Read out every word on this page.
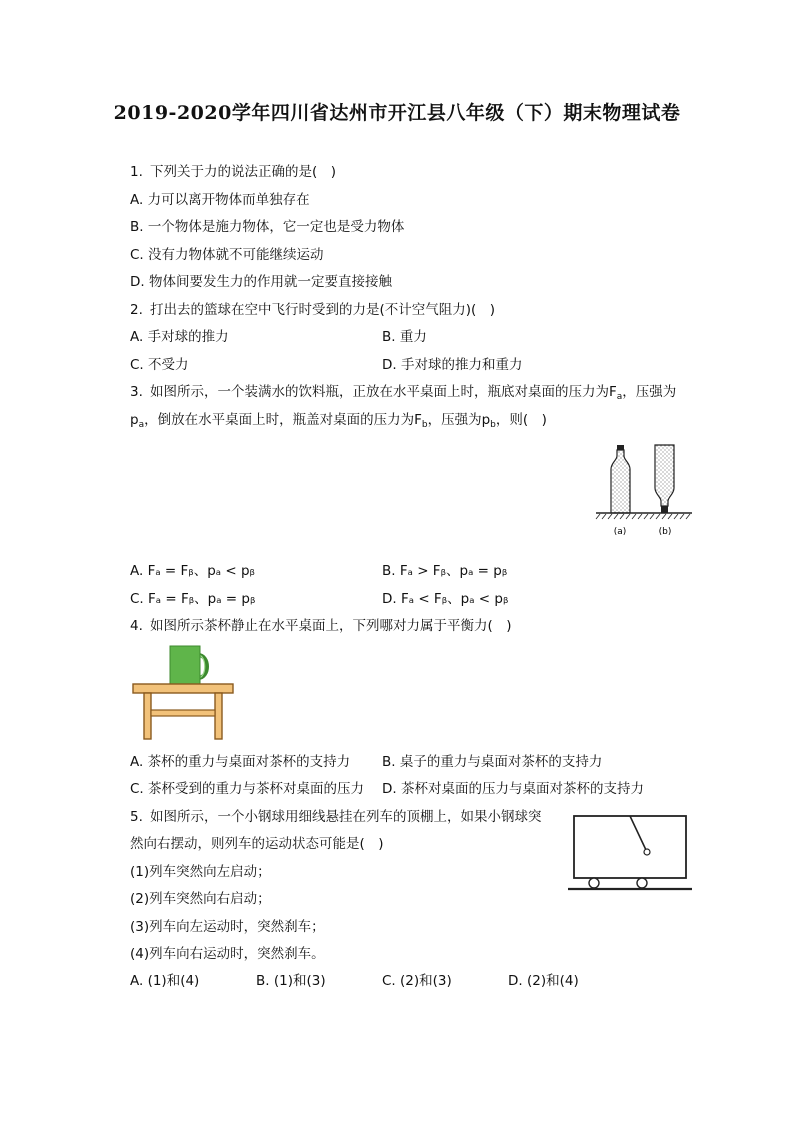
2019-2020学年四川省达州市开江县八年级（下）期末物理试卷
1. 下列关于力的说法正确的是(　)
A. 力可以离开物体而单独存在
B. 一个物体是施力物体，它一定也是受力物体
C. 没有力物体就不可能继续运动
D. 物体间要发生力的作用就一定要直接接触
2. 打出去的篮球在空中飞行时受到的力是(不计空气阻力)(　)
A. 手对球的推力	B. 重力
C. 不受力	D. 手对球的推力和重力
3. 如图所示，一个装满水的饮料瓶，正放在水平桌面上时，瓶底对桌面的压力为$F_a$，压强为
$p_a$，倒放在水平桌面上时，瓶盖对桌面的压力为$F_b$，压强为$p_b$，则(　)
(a)	(b)
A. Fₐ = Fᵦ、pₐ < pᵦ	B. Fₐ > Fᵦ、pₐ = pᵦ
C. Fₐ = Fᵦ、pₐ = pᵦ	D. Fₐ < Fᵦ、pₐ < pᵦ
4. 如图所示茶杯静止在水平桌面上，下列哪对力属于平衡力(　)
A. 茶杯的重力与桌面对茶杯的支持力 B. 桌子的重力与桌面对茶杯的支持力
C. 茶杯受到的重力与茶杯对桌面的压力 D. 茶杯对桌面的压力与桌面对茶杯的支持力
5. 如图所示，一个小钢球用细线悬挂在列车的顶棚上，如果小钢球突
然向右摆动，则列车的运动状态可能是(　)
(1)列车突然向左启动；
(2)列车突然向右启动；
(3)列车向左运动时，突然刹车；
(4)列车向右运动时，突然刹车。
A. (1)和(4)	B. (1)和(3)	C. (2)和(3)	D. (2)和(4)
